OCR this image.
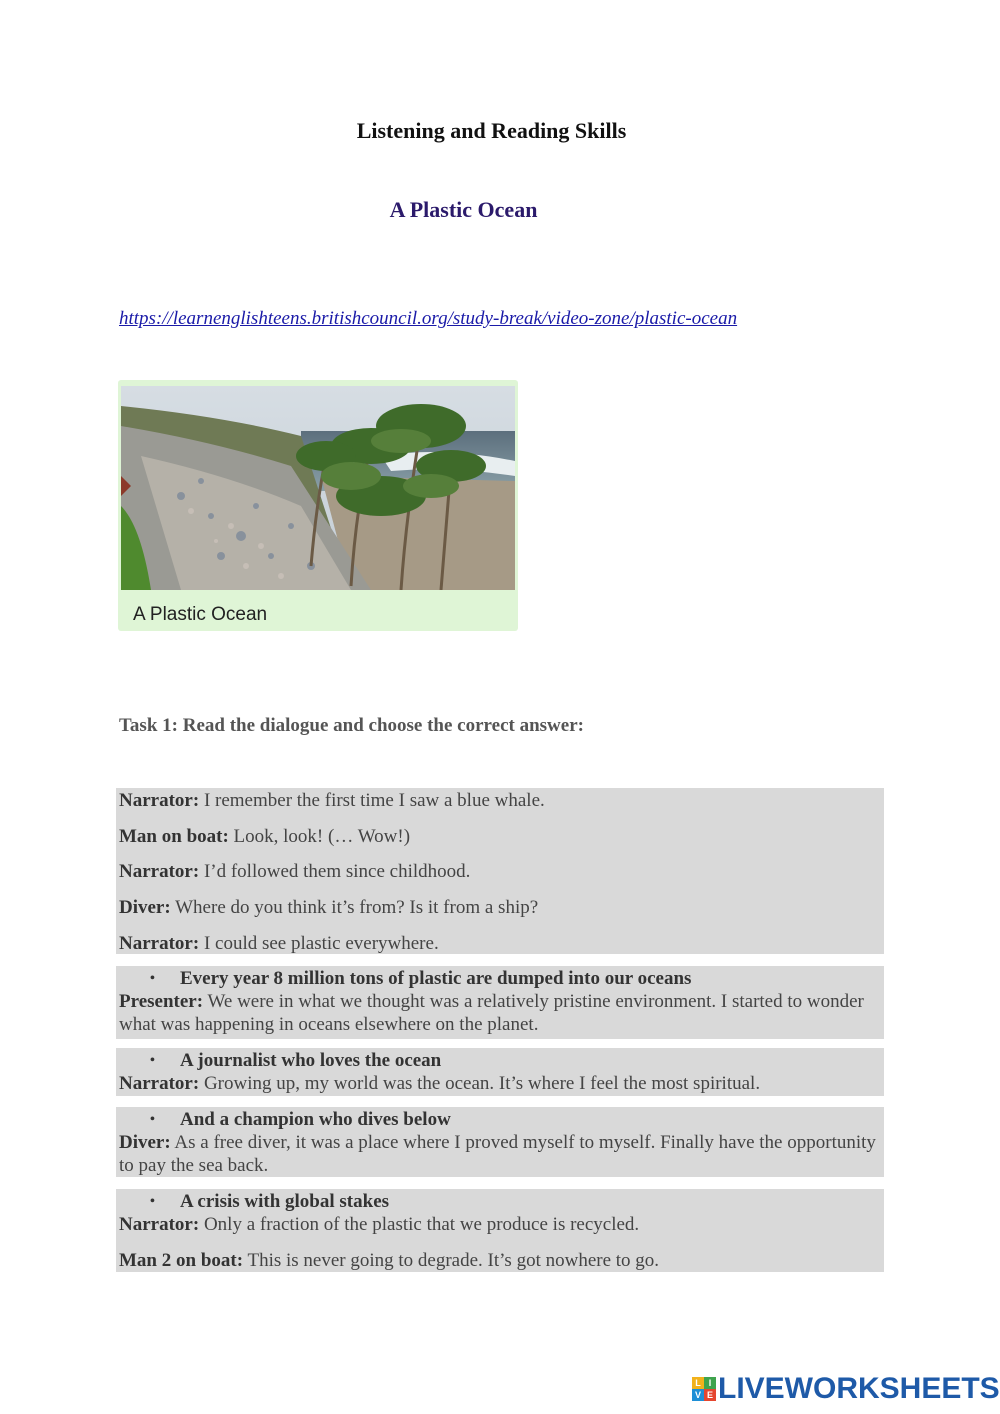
Listening and Reading Skills
A Plastic Ocean
https://learnenglishteens.britishcouncil.org/study-break/video-zone/plastic-ocean
A Plastic Ocean
Task 1: Read the dialogue and choose the correct answer:
Narrator: I remember the first time I saw a blue whale.
Man on boat: Look, look! (… Wow!)
Narrator: I’d followed them since childhood.
Diver: Where do you think it’s from? Is it from a ship?
Narrator: I could see plastic everywhere.
• Every year 8 million tons of plastic are dumped into our oceans
Presenter: We were in what we thought was a relatively pristine environment. I started to wonder what was happening in oceans elsewhere on the planet.
• A journalist who loves the ocean
Narrator: Growing up, my world was the ocean. It’s where I feel the most spiritual.
• And a champion who dives below
Diver: As a free diver, it was a place where I proved myself to myself. Finally have the opportunity to pay the sea back.
• A crisis with global stakes
Narrator: Only a fraction of the plastic that we produce is recycled.
Man 2 on boat: This is never going to degrade. It’s got nowhere to go.
L I
V E LIVEWORKSHEETS
